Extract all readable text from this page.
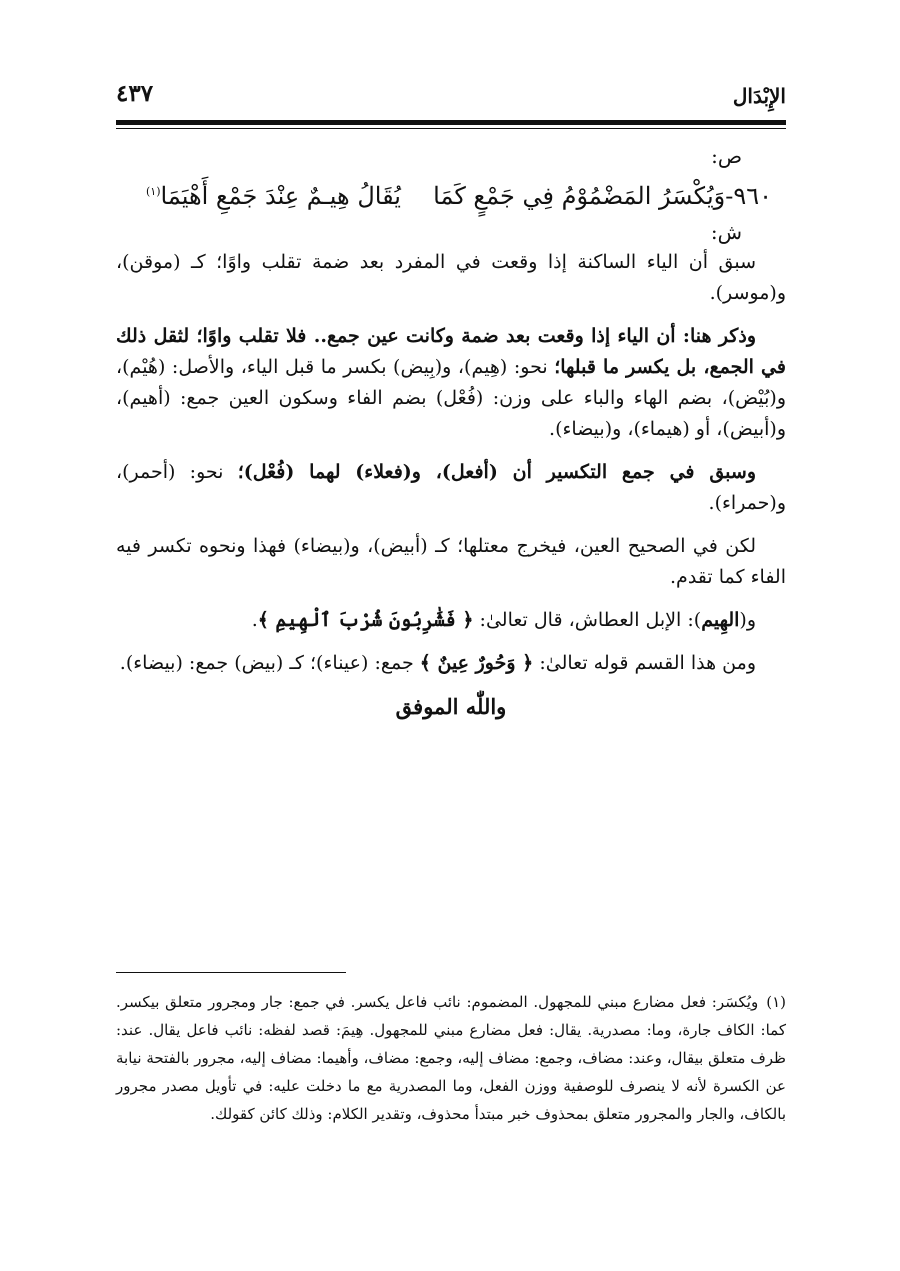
الإِبْدَال
٤٣٧
ص:
٩٦٠-وَيُكْسَرُ المَضْمُوْمُ فِي جَمْعٍ كَمَا
يُقَالُ هِيـمٌ عِنْدَ جَمْعِ أَهْيَمَا$^{(١)}$
ش:

سبق أن الياء الساكنة إذا وقعت في المفرد بعد ضمة تقلب واوًا؛ كـ (موقن)، و(موسر).

وذكر هنا: أن الياء إذا وقعت بعد ضمة وكانت عين جمع.. فلا تقلب واوًا؛ لثقل ذلك في الجمع، بل يكسر ما قبلها؛ نحو: (هِيم)، و(بِيض) بكسر ما قبل الياء، والأصل: (هُيْم)، و(بُيْض)، بضم الهاء والباء على وزن: (فُعْل) بضم الفاء وسكون العين جمع: (أهيم)، و(أبيض)، أو (هيماء)، و(بيضاء).

وسبق في جمع التكسير أن (أفعل)، و(فعلاء) لهما (فُعْل)؛ نحو: (أحمر)، و(حمراء).

لكن في الصحيح العين، فيخرج معتلها؛ كـ (أبيض)، و(بيضاء) فهذا ونحوه تكسر فيه الفاء كما تقدم.

و(الهِيم): الإبل العطاش، قال تعالىٰ: ﴿ فَشَٰرِبُونَ شُرْبَ ٱلْهِيمِ ﴾.

ومن هذا القسم قوله تعالىٰ: ﴿ وَحُورٌ عِينٌ ﴾ جمع: (عيناء)؛ كـ (بيض) جمع: (بيضاء).

واللّٰه الموفق
(١)ويُكسَر: فعل مضارع مبني للمجهول. المضموم: نائب فاعل يكسر. في جمع: جار ومجرور متعلق بيكسر. كما: الكاف جارة، وما: مصدرية. يقال: فعل مضارع مبني للمجهول. هِيمَ: قصد لفظه: نائب فاعل يقال. عند: ظرف متعلق بيقال، وعند: مضاف، وجمع: مضاف إليه، وجمع: مضاف، وأهيما: مضاف إليه، مجرور بالفتحة نيابة عن الكسرة لأنه لا ينصرف للوصفية ووزن الفعل، وما المصدرية مع ما دخلت عليه: في تأويل مصدر مجرور بالكاف، والجار والمجرور متعلق بمحذوف خبر مبتدأ محذوف، وتقدير الكلام: وذلك كائن كقولك.
